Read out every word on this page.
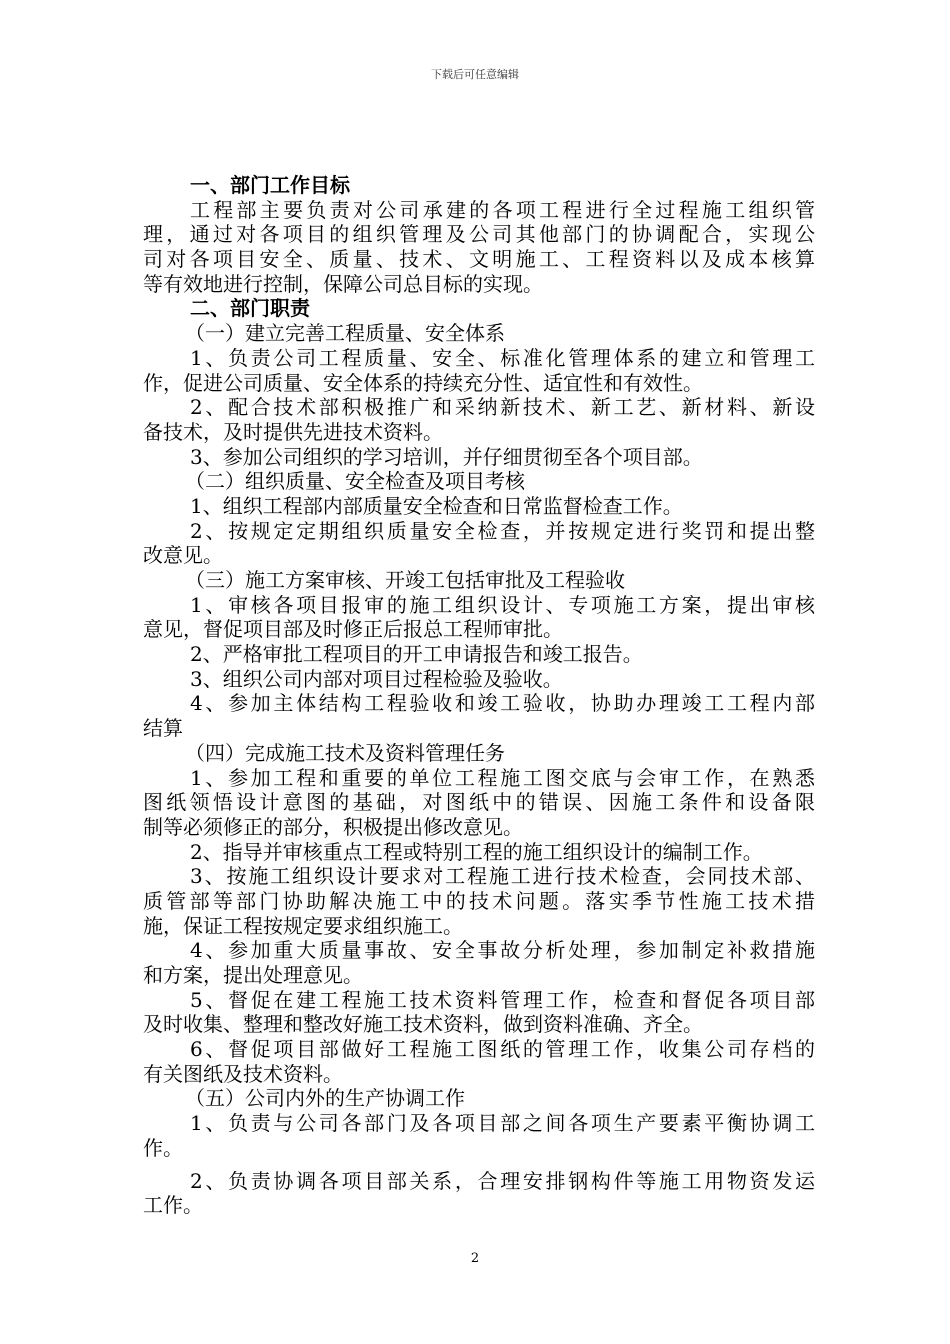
下载后可任意编辑
一、部门工作目标
工程部主要负责对公司承建的各项工程进行全过程施工组织管
理，通过对各项目的组织管理及公司其他部门的协调配合，实现公
司对各项目安全、质量、技术、文明施工、工程资料以及成本核算
等有效地进行控制，保障公司总目标的实现。
二、部门职责
（一）建立完善工程质量、安全体系
1、负责公司工程质量、安全、标准化管理体系的建立和管理工
作，促进公司质量、安全体系的持续充分性、适宜性和有效性。
2、配合技术部积极推广和采纳新技术、新工艺、新材料、新设
备技术，及时提供先进技术资料。
3、参加公司组织的学习培训，并仔细贯彻至各个项目部。
（二）组织质量、安全检查及项目考核
1、组织工程部内部质量安全检查和日常监督检查工作。
2、按规定定期组织质量安全检查，并按规定进行奖罚和提出整
改意见。
（三）施工方案审核、开竣工包括审批及工程验收
1、审核各项目报审的施工组织设计、专项施工方案，提出审核
意见，督促项目部及时修正后报总工程师审批。
2、严格审批工程项目的开工申请报告和竣工报告。
3、组织公司内部对项目过程检验及验收。
4、参加主体结构工程验收和竣工验收，协助办理竣工工程内部
结算
（四）完成施工技术及资料管理任务
1、参加工程和重要的单位工程施工图交底与会审工作，在熟悉
图纸领悟设计意图的基础，对图纸中的错误、因施工条件和设备限
制等必须修正的部分，积极提出修改意见。
2、指导并审核重点工程或特别工程的施工组织设计的编制工作。
3、按施工组织设计要求对工程施工进行技术检查，会同技术部、
质管部等部门协助解决施工中的技术问题。落实季节性施工技术措
施，保证工程按规定要求组织施工。
4、参加重大质量事故、安全事故分析处理，参加制定补救措施
和方案，提出处理意见。
5、督促在建工程施工技术资料管理工作，检查和督促各项目部
及时收集、整理和整改好施工技术资料，做到资料准确、齐全。
6、督促项目部做好工程施工图纸的管理工作，收集公司存档的
有关图纸及技术资料。
（五）公司内外的生产协调工作
1、负责与公司各部门及各项目部之间各项生产要素平衡协调工
作。
2、负责协调各项目部关系，合理安排钢构件等施工用物资发运
工作。
2
